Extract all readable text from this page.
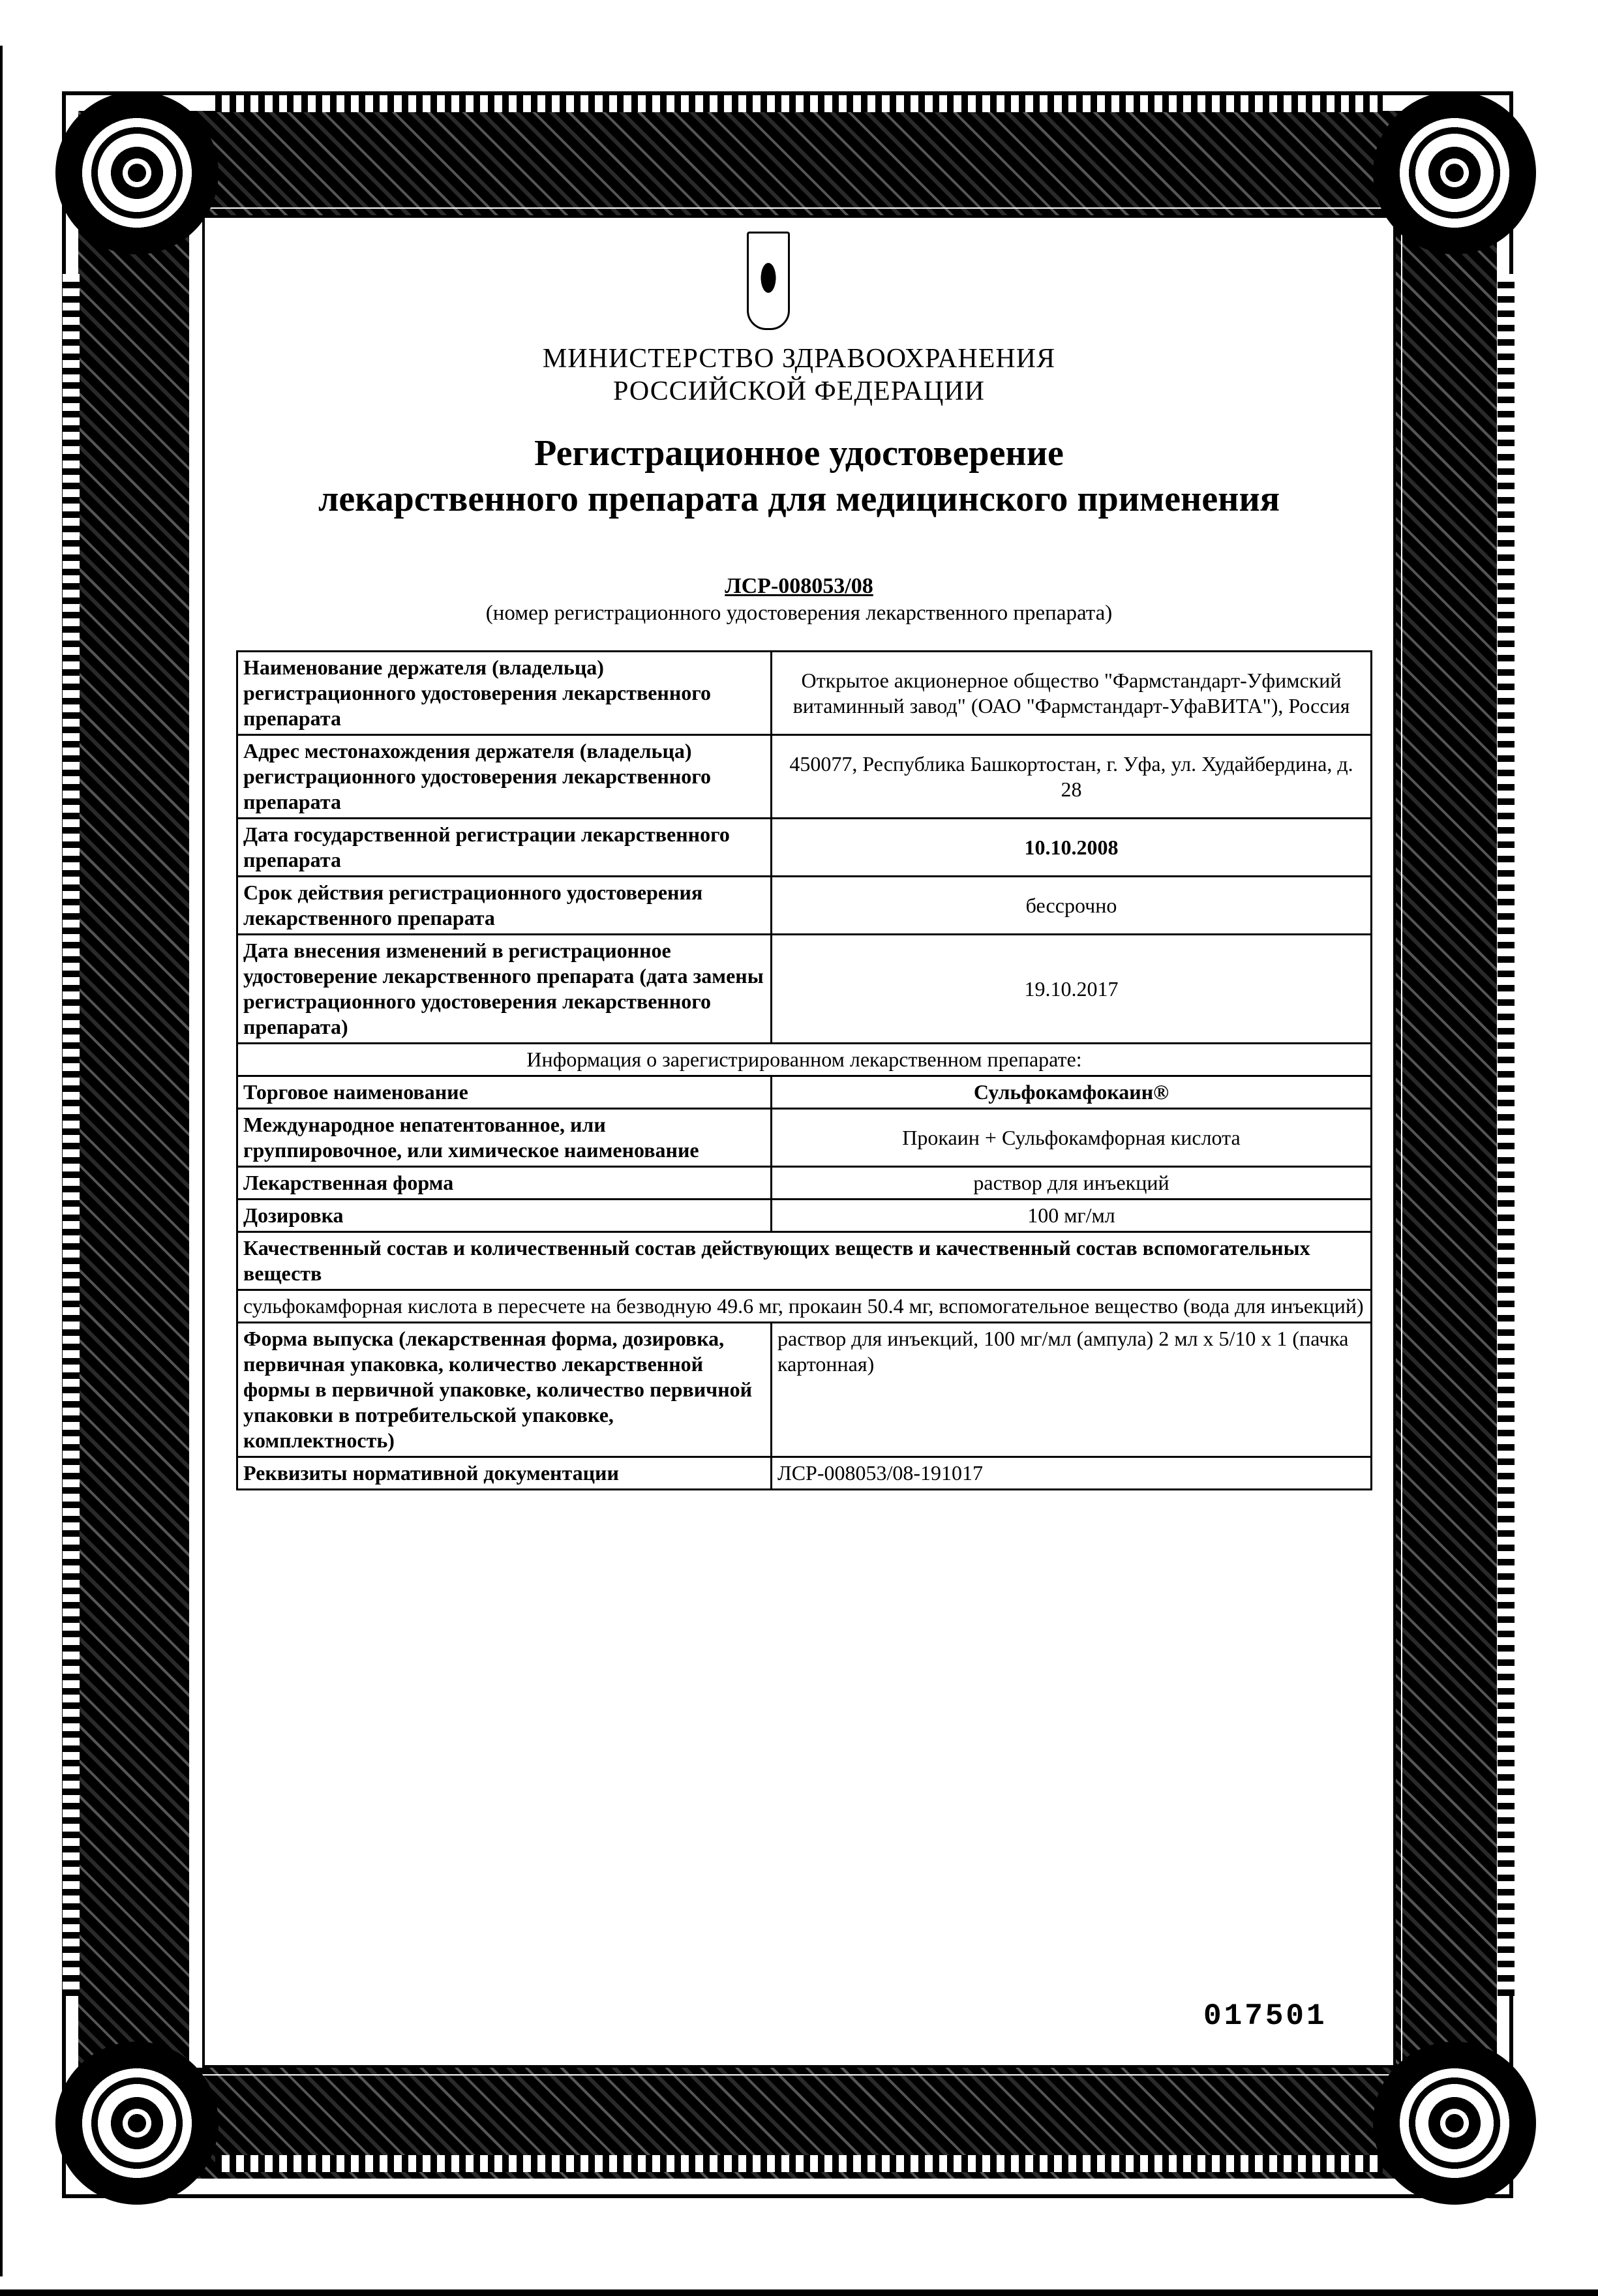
МИНИСТЕРСТВО ЗДРАВООХРАНЕНИЯ
РОССИЙСКОЙ ФЕДЕРАЦИИ
Регистрационное удостоверение
лекарственного препарата для медицинского применения
ЛСР-008053/08
(номер регистрационного удостоверения лекарственного препарата)
Наименование держателя (владельца) регистрационного удостоверения лекарственного препарата	Открытое акционерное общество "Фармстандарт-Уфимский витаминный завод" (ОАО "Фармстандарт-УфаВИТА"), Россия
Адрес местонахождения держателя (владельца) регистрационного удостоверения лекарственного препарата	450077, Республика Башкортостан, г. Уфа, ул. Худайбердина, д. 28
Дата государственной регистрации лекарственного препарата	10.10.2008
Срок действия регистрационного удостоверения лекарственного препарата	бессрочно
Дата внесения изменений в регистрационное удостоверение лекарственного препарата (дата замены регистрационного удостоверения лекарственного препарата)	19.10.2017
Информация о зарегистрированном лекарственном препарате:	
Торговое наименование	Сульфокамфокаин®
Международное непатентованное, или группировочное, или химическое наименование	Прокаин + Сульфокамфорная кислота
Лекарственная форма	раствор для инъекций
Дозировка	100 мг/мл
Качественный состав и количественный состав действующих веществ и качественный состав вспомогательных веществ	
сульфокамфорная кислота в пересчете на безводную 49.6 мг, прокаин 50.4 мг, вспомогательное вещество (вода для инъекций)	
Форма выпуска (лекарственная форма, дозировка, первичная упаковка, количество лекарственной формы в первичной упаковке, количество первичной упаковки в потребительской упаковке, комплектность)	раствор для инъекций, 100 мг/мл (ампула) 2 мл х 5/10 х 1 (пачка картонная)
Реквизиты нормативной документации	ЛСР-008053/08-191017
017501
